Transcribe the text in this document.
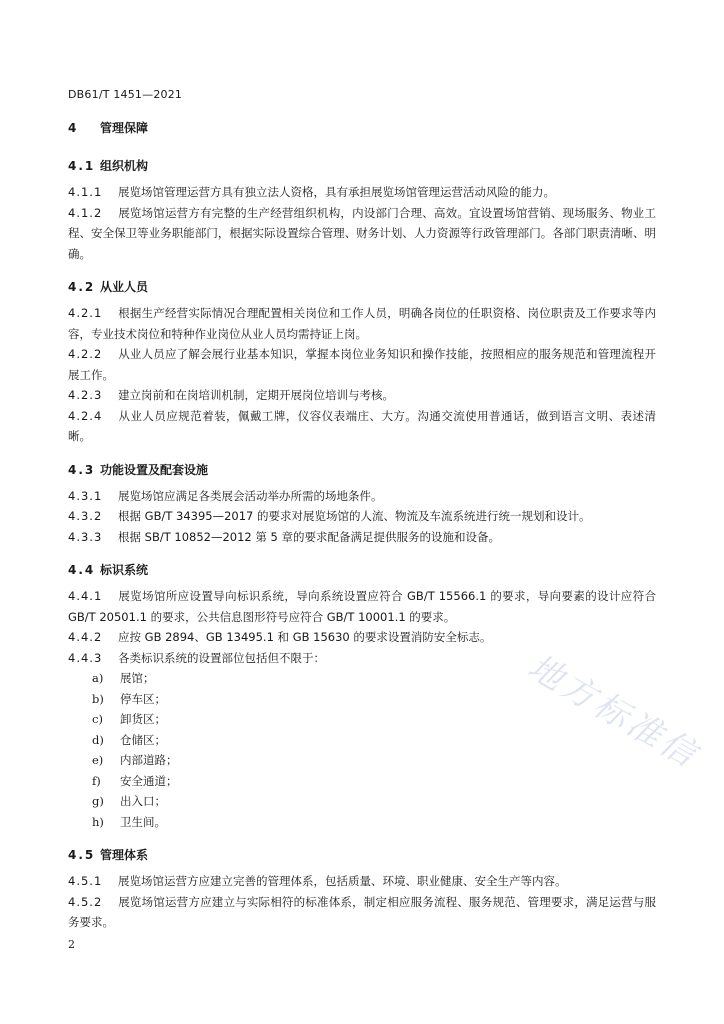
DB61/T 1451—2021
4 管理保障
4.1 组织机构
4.1.1 展览场馆管理运营方具有独立法人资格，具有承担展览场馆管理运营活动风险的能力。
4.1.2 展览场馆运营方有完整的生产经营组织机构，内设部门合理、高效。宜设置场馆营销、现场服务、物业工程、安全保卫等业务职能部门，根据实际设置综合管理、财务计划、人力资源等行政管理部门。各部门职责清晰、明确。
4.2 从业人员
4.2.1 根据生产经营实际情况合理配置相关岗位和工作人员，明确各岗位的任职资格、岗位职责及工作要求等内容，专业技术岗位和特种作业岗位从业人员均需持证上岗。
4.2.2 从业人员应了解会展行业基本知识，掌握本岗位业务知识和操作技能，按照相应的服务规范和管理流程开展工作。
4.2.3 建立岗前和在岗培训机制，定期开展岗位培训与考核。
4.2.4 从业人员应规范着装，佩戴工牌，仪容仪表端庄、大方。沟通交流使用普通话，做到语言文明、表述清晰。
4.3 功能设置及配套设施
4.3.1 展览场馆应满足各类展会活动举办所需的场地条件。
4.3.2 根据 GB/T 34395—2017 的要求对展览场馆的人流、物流及车流系统进行统一规划和设计。
4.3.3 根据 SB/T 10852—2012 第 5 章的要求配备满足提供服务的设施和设备。
4.4 标识系统
4.4.1 展览场馆所应设置导向标识系统，导向系统设置应符合 GB/T 15566.1 的要求，导向要素的设计应符合 GB/T 20501.1 的要求，公共信息图形符号应符合 GB/T 10001.1 的要求。
4.4.2 应按 GB 2894、GB 13495.1 和 GB 15630 的要求设置消防安全标志。
4.4.3 各类标识系统的设置部位包括但不限于：
a) 展馆；
b) 停车区；
c) 卸货区；
d) 仓储区；
e) 内部道路；
f) 安全通道；
g) 出入口；
h) 卫生间。
4.5 管理体系
4.5.1 展览场馆运营方应建立完善的管理体系，包括质量、环境、职业健康、安全生产等内容。
4.5.2 展览场馆运营方应建立与实际相符的标准体系，制定相应服务流程、服务规范、管理要求，满足运营与服务要求。
地方标准信
2
